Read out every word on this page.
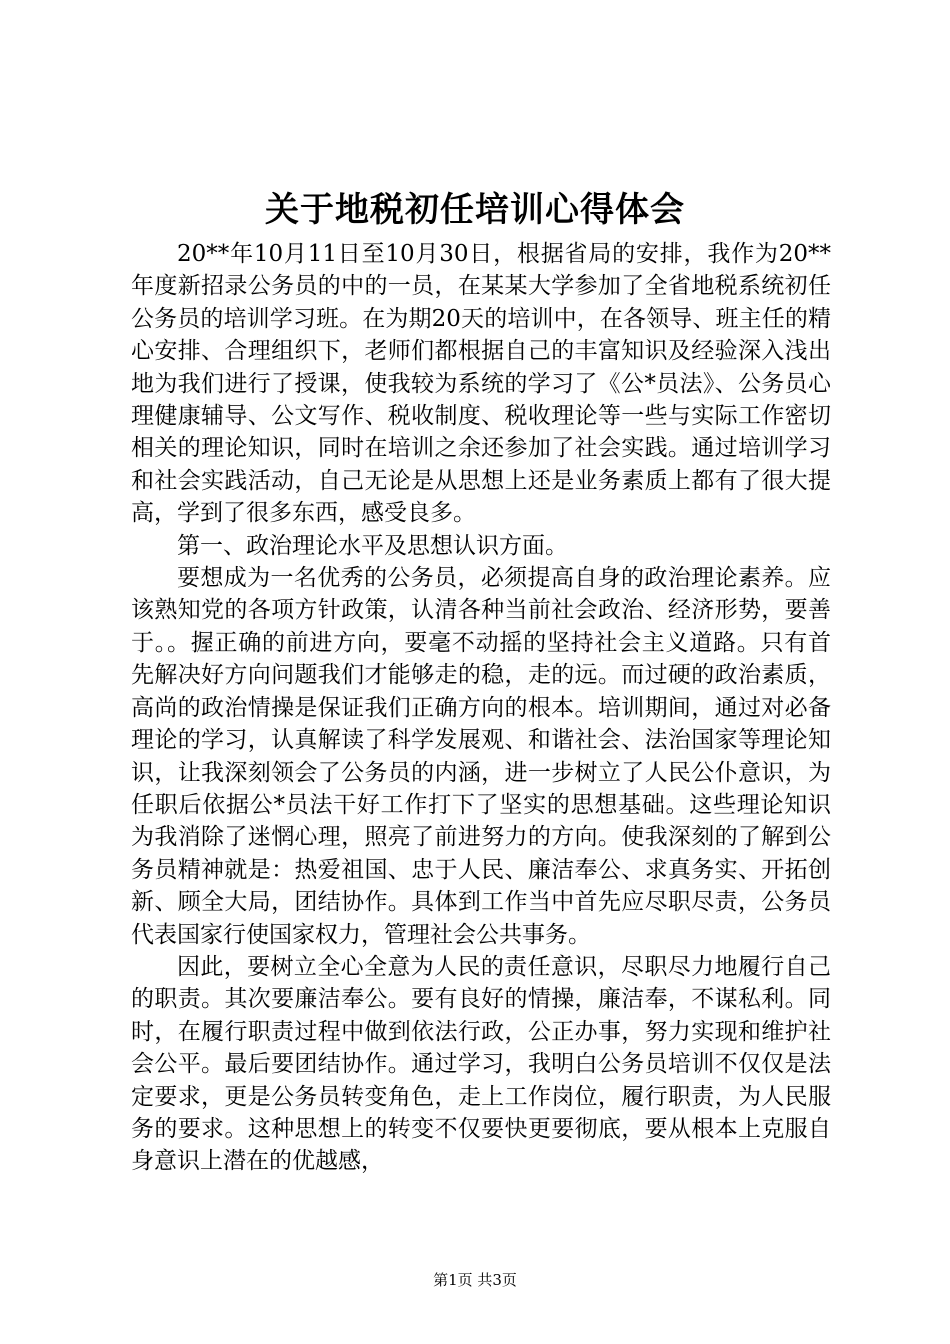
关于地税初任培训心得体会

20**年10月11日至10月30日，根据省局的安排，我作为20**年度新招录公务员的中的一员，在某某大学参加了全省地税系统初任公务员的培训学习班。在为期20天的培训中，在各领导、班主任的精心安排、合理组织下，老师们都根据自己的丰富知识及经验深入浅出地为我们进行了授课，使我较为系统的学习了《公*员法》、公务员心理健康辅导、公文写作、税收制度、税收理论等一些与实际工作密切相关的理论知识，同时在培训之余还参加了社会实践。通过培训学习和社会实践活动，自己无论是从思想上还是业务素质上都有了很大提高，学到了很多东西，感受良多。

第一、政治理论水平及思想认识方面。

要想成为一名优秀的公务员，必须提高自身的政治理论素养。应该熟知党的各项方针政策，认清各种当前社会政治、经济形势，要善于。。握正确的前进方向，要毫不动摇的坚持社会主义道路。只有首先解决好方向问题我们才能够走的稳，走的远。而过硬的政治素质，高尚的政治情操是保证我们正确方向的根本。培训期间，通过对必备理论的学习，认真解读了科学发展观、和谐社会、法治国家等理论知识，让我深刻领会了公务员的内涵，进一步树立了人民公仆意识，为任职后依据公*员法干好工作打下了坚实的思想基础。这些理论知识为我消除了迷惘心理，照亮了前进努力的方向。使我深刻的了解到公务员精神就是：热爱祖国、忠于人民、廉洁奉公、求真务实、开拓创新、顾全大局，团结协作。具体到工作当中首先应尽职尽责，公务员代表国家行使国家权力，管理社会公共事务。

因此，要树立全心全意为人民的责任意识，尽职尽力地履行自己的职责。其次要廉洁奉公。要有良好的情操，廉洁奉，不谋私利。同时，在履行职责过程中做到依法行政，公正办事，努力实现和维护社会公平。最后要团结协作。通过学习，我明白公务员培训不仅仅是法定要求，更是公务员转变角色，走上工作岗位，履行职责，为人民服务的要求。这种思想上的转变不仅要快更要彻底，要从根本上克服自身意识上潜在的优越感，

第1页 共3页
